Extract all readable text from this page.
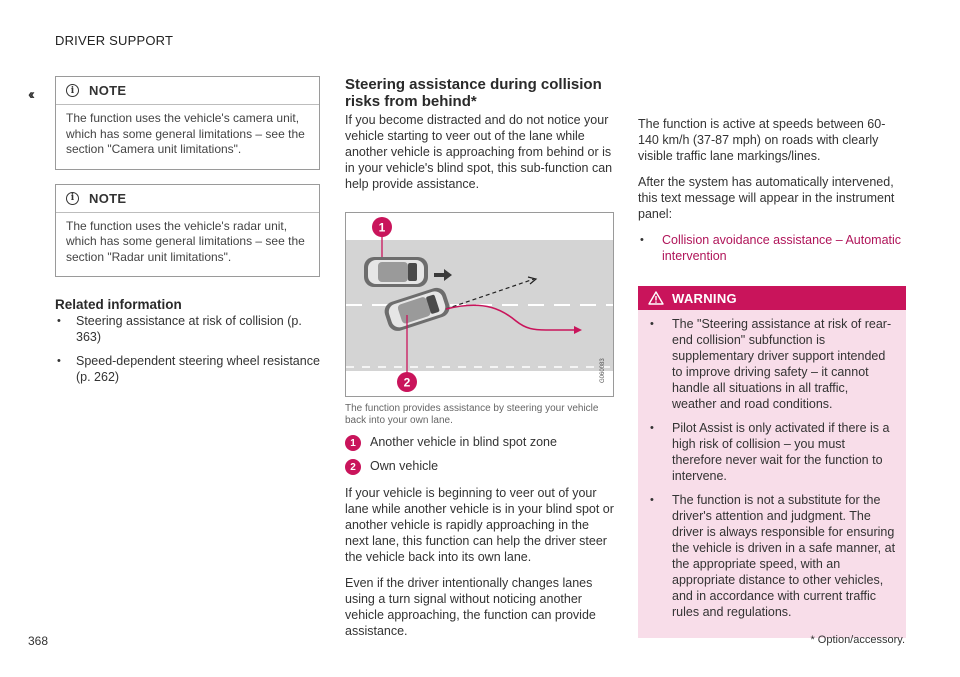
DRIVER SUPPORT
‹‹	i	NOTE

The function uses the vehicle's camera unit, which has some general limitations – see the section "Camera unit limitations".

i	NOTE

The function uses the vehicle's radar unit, which has some general limitations – see the section "Radar unit limitations".

Related information
• Steering assistance at risk of collision (p. 363)
• Speed-dependent steering wheel resistance (p. 262)
Steering assistance during collision risks from behind*

If you become distracted and do not notice your vehicle starting to veer out of the lane while another vehicle is approaching from behind or is in your vehicle's blind spot, this sub-function can help provide assistance.

1
2	G060083

The function provides assistance by steering your vehicle back into your own lane.

1	Another vehicle in blind spot zone
2	Own vehicle

If your vehicle is beginning to veer out of your lane while another vehicle is in your blind spot or another vehicle is rapidly approaching in the next lane, this function can help the driver steer the vehicle back into its own lane.

Even if the driver intentionally changes lanes using a turn signal without noticing another vehicle approaching, the function can provide assistance.

The function is active at speeds between 60-140 km/h (37-87 mph) on roads with clearly visible traffic lane markings/lines.

After the system has automatically intervened, this text message will appear in the instrument panel:

• Collision avoidance assistance – Automatic intervention
WARNING
• The "Steering assistance at risk of rear-end collision" subfunction is supplementary driver support intended to improve driving safety – it cannot handle all situations in all traffic, weather and road conditions.
• Pilot Assist is only activated if there is a high risk of collision – you must therefore never wait for the function to intervene.
• The function is not a substitute for the driver's attention and judgment. The driver is always responsible for ensuring the vehicle is driven in a safe manner, at the appropriate speed, with an appropriate distance to other vehicles, and in accordance with current traffic rules and regulations.
368	* Option/accessory.
